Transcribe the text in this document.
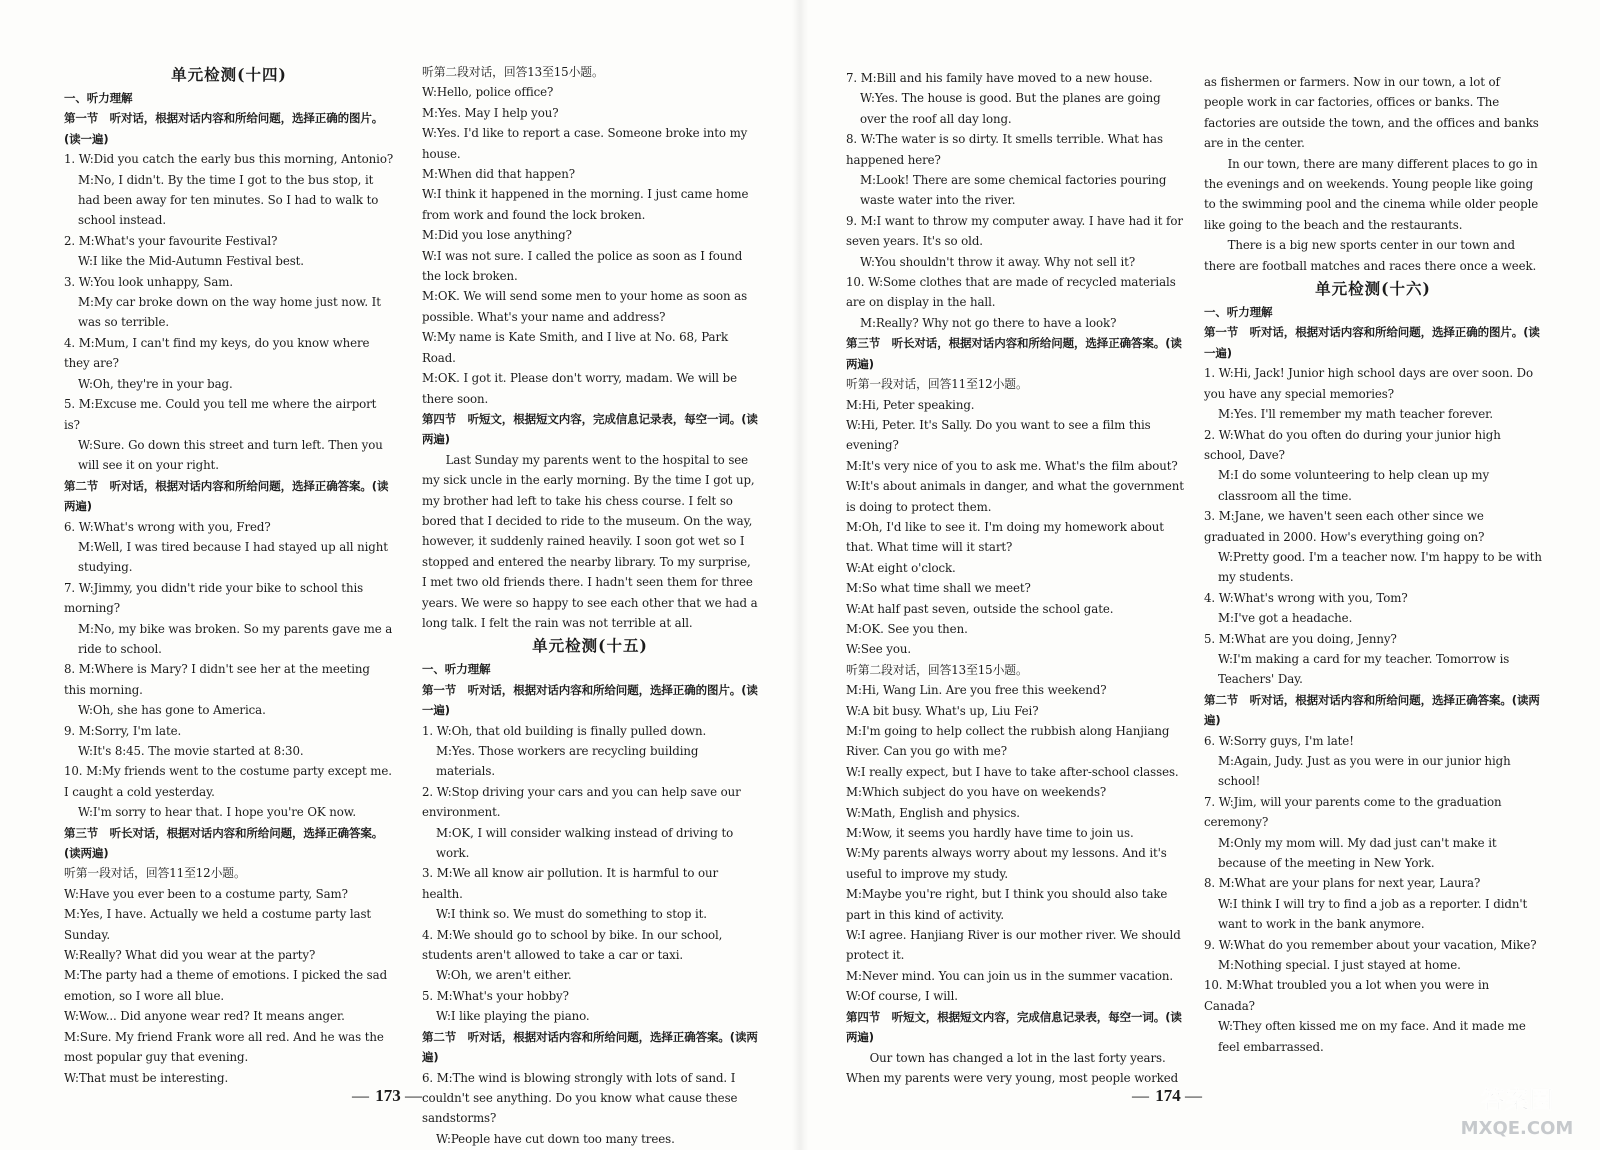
单元检测(十四)
一、听力理解
第一节　听对话，根据对话内容和所给问题，选择正确的图片。(读一遍)
1. W:Did you catch the early bus this morning, Antonio?
M:No, I didn't. By the time I got to the bus stop, it had been away for ten minutes. So I had to walk to school instead.
2. M:What's your favourite Festival?
W:I like the Mid-Autumn Festival best.
3. W:You look unhappy, Sam.
M:My car broke down on the way home just now. It was so terrible.
4. M:Mum, I can't find my keys, do you know where they are?
W:Oh, they're in your bag.
5. M:Excuse me. Could you tell me where the airport is?
W:Sure. Go down this street and turn left. Then you will see it on your right.
第二节　听对话，根据对话内容和所给问题，选择正确答案。(读两遍)
6. W:What's wrong with you, Fred?
M:Well, I was tired because I had stayed up all night studying.
7. W:Jimmy, you didn't ride your bike to school this morning?
M:No, my bike was broken. So my parents gave me a ride to school.
8. M:Where is Mary? I didn't see her at the meeting this morning.
W:Oh, she has gone to America.
9. M:Sorry, I'm late.
W:It's 8:45. The movie started at 8:30.
10. M:My friends went to the costume party except me. I caught a cold yesterday.
W:I'm sorry to hear that. I hope you're OK now.
第三节　听长对话，根据对话内容和所给问题，选择正确答案。(读两遍)
听第一段对话，回答11至12小题。
W:Have you ever been to a costume party, Sam?
M:Yes, I have. Actually we held a costume party last Sunday.
W:Really? What did you wear at the party?
M:The party had a theme of emotions. I picked the sad emotion, so I wore all blue.
W:Wow... Did anyone wear red? It means anger.
M:Sure. My friend Frank wore all red. And he was the most popular guy that evening.
W:That must be interesting.
听第二段对话，回答13至15小题。
W:Hello, police office?
M:Yes. May I help you?
W:Yes. I'd like to report a case. Someone broke into my house.
M:When did that happen?
W:I think it happened in the morning. I just came home from work and found the lock broken.
M:Did you lose anything?
W:I was not sure. I called the police as soon as I found the lock broken.
M:OK. We will send some men to your home as soon as possible. What's your name and address?
W:My name is Kate Smith, and I live at No. 68, Park Road.
M:OK. I got it. Please don't worry, madam. We will be there soon.
第四节　听短文，根据短文内容，完成信息记录表，每空一词。(读两遍)

Last Sunday my parents went to the hospital to see my sick uncle in the early morning. By the time I got up, my brother had left to take his chess course. I felt so bored that I decided to ride to the museum. On the way, however, it suddenly rained heavily. I soon got wet so I stopped and entered the nearby library. To my surprise, I met two old friends there. I hadn't seen them for three years. We were so happy to see each other that we had a long talk. I felt the rain was not terrible at all.

单元检测(十五)
一、听力理解
第一节　听对话，根据对话内容和所给问题，选择正确的图片。(读一遍)
1. W:Oh, that old building is finally pulled down.
M:Yes. Those workers are recycling building materials.
2. W:Stop driving your cars and you can help save our environment.
M:OK, I will consider walking instead of driving to work.
3. M:We all know air pollution. It is harmful to our health.
W:I think so. We must do something to stop it.
4. M:We should go to school by bike. In our school, students aren't allowed to take a car or taxi.
W:Oh, we aren't either.
5. M:What's your hobby?
W:I like playing the piano.
第二节　听对话，根据对话内容和所给问题，选择正确答案。(读两遍)
6. M:The wind is blowing strongly with lots of sand. I couldn't see anything. Do you know what cause these sandstorms?
W:People have cut down too many trees.
7. M:Bill and his family have moved to a new house.
W:Yes. The house is good. But the planes are going over the roof all day long.
8. W:The water is so dirty. It smells terrible. What has happened here?
M:Look! There are some chemical factories pouring waste water into the river.
9. M:I want to throw my computer away. I have had it for seven years. It's so old.
W:You shouldn't throw it away. Why not sell it?
10. W:Some clothes that are made of recycled materials are on display in the hall.
M:Really? Why not go there to have a look?
第三节　听长对话，根据对话内容和所给问题，选择正确答案。(读两遍)
听第一段对话，回答11至12小题。
M:Hi, Peter speaking.
W:Hi, Peter. It's Sally. Do you want to see a film this evening?
M:It's very nice of you to ask me. What's the film about?
W:It's about animals in danger, and what the government is doing to protect them.
M:Oh, I'd like to see it. I'm doing my homework about that. What time will it start?
W:At eight o'clock.
M:So what time shall we meet?
W:At half past seven, outside the school gate.
M:OK. See you then.
W:See you.
听第二段对话，回答13至15小题。
M:Hi, Wang Lin. Are you free this weekend?
W:A bit busy. What's up, Liu Fei?
M:I'm going to help collect the rubbish along Hanjiang River. Can you go with me?
W:I really expect, but I have to take after-school classes.
M:Which subject do you have on weekends?
W:Math, English and physics.
M:Wow, it seems you hardly have time to join us.
W:My parents always worry about my lessons. And it's useful to improve my study.
M:Maybe you're right, but I think you should also take part in this kind of activity.
W:I agree. Hanjiang River is our mother river. We should protect it.
M:Never mind. You can join us in the summer vacation.
W:Of course, I will.
第四节　听短文，根据短文内容，完成信息记录表，每空一词。(读两遍)

Our town has changed a lot in the last forty years. When my parents were very young, most people worked

as fishermen or farmers. Now in our town, a lot of people work in car factories, offices or banks. The factories are outside the town, and the offices and banks are in the center.

In our town, there are many different places to go in the evenings and on weekends. Young people like going to the swimming pool and the cinema while older people like going to the beach and the restaurants.

There is a big new sports center in our town and there are football matches and races there once a week.

单元检测(十六)
一、听力理解
第一节　听对话，根据对话内容和所给问题，选择正确的图片。(读一遍)
1. W:Hi, Jack! Junior high school days are over soon. Do you have any special memories?
M:Yes. I'll remember my math teacher forever.
2. W:What do you often do during your junior high school, Dave?
M:I do some volunteering to help clean up my classroom all the time.
3. M:Jane, we haven't seen each other since we graduated in 2000. How's everything going on?
W:Pretty good. I'm a teacher now. I'm happy to be with my students.
4. W:What's wrong with you, Tom?
M:I've got a headache.
5. M:What are you doing, Jenny?
W:I'm making a card for my teacher. Tomorrow is Teachers' Day.
第二节　听对话，根据对话内容和所给问题，选择正确答案。(读两遍)
6. W:Sorry guys, I'm late!
M:Again, Judy. Just as you were in our junior high school!
7. W:Jim, will your parents come to the graduation ceremony?
M:Only my mom will. My dad just can't make it because of the meeting in New York.
8. M:What are your plans for next year, Laura?
W:I think I will try to find a job as a reporter. I didn't want to work in the bank anymore.
9. W:What do you remember about your vacation, Mike?
M:Nothing special. I just stayed at home.
10. M:What troubled you a lot when you were in Canada?
W:They often kissed me on my face. And it made me feel embarrassed.
— 173 —	— 174 —	答案圈
MXQE.COM
